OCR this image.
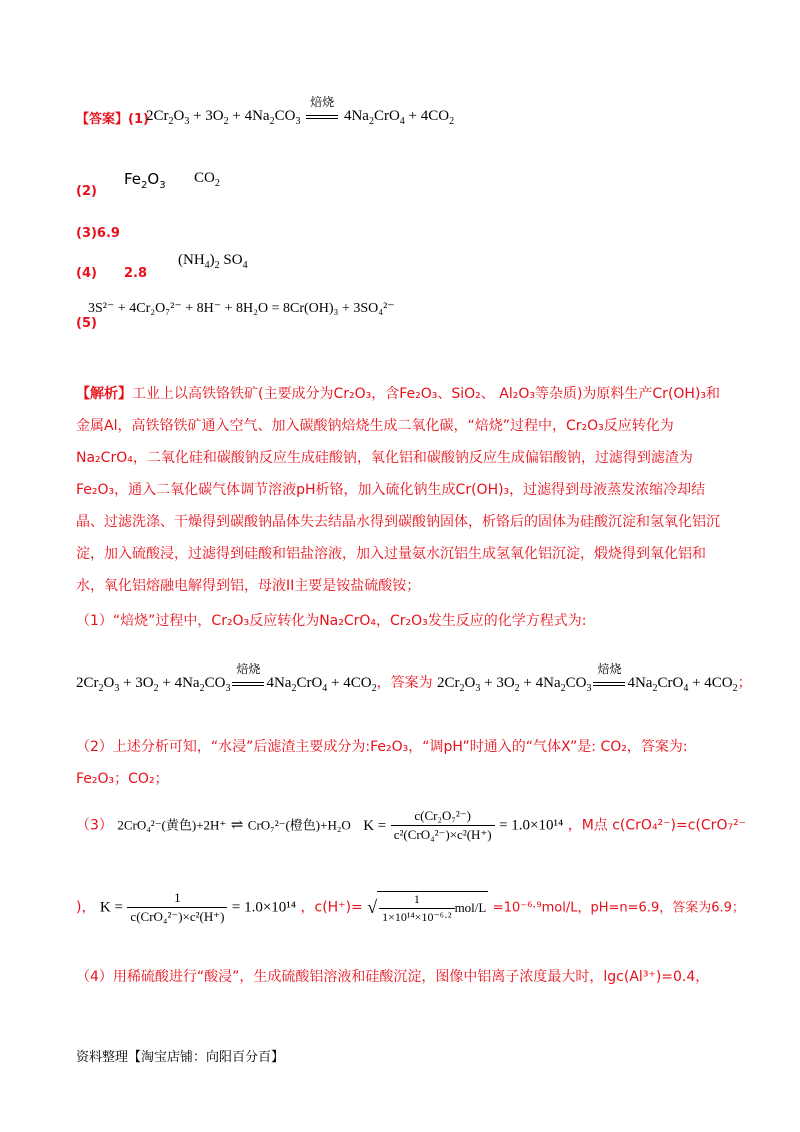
【答案】(1)
$2Cr_2O_3 + 3O_2 + 4Na_2CO_3$
焙烧
$4Na_2CrO_4 + 4CO_2$
(2)
$Fe_2O_3$ $CO_2$
(3)6.9
(4) 2.8
$(NH_4)_2$ $SO_4$
3S²⁻ + 4Cr₂O₇²⁻ + 8H⁻ + 8H₂O = 8Cr(OH)₃ + 3SO₄²⁻
(5)
【解析】工业上以高铁铬铁矿(主要成分为Cr₂O₃，含Fe₂O₃、SiO₂、 Al₂O₃等杂质)为原料生产Cr(OH)₃和金属Al，高铁铬铁矿通入空气、加入碳酸钠焙烧生成二氧化碳，“焙烧”过程中，Cr₂O₃反应转化为Na₂CrO₄，二氧化硅和碳酸钠反应生成硅酸钠，氧化铝和碳酸钠反应生成偏铝酸钠，过滤得到滤渣为Fe₂O₃，通入二氧化碳气体调节溶液pH析铬，加入硫化钠生成Cr(OH)₃，过滤得到母液蒸发浓缩冷却结晶、过滤洗涤、干燥得到碳酸钠晶体失去结晶水得到碳酸钠固体，析铬后的固体为硅酸沉淀和氢氧化铝沉淀，加入硫酸浸，过滤得到硅酸和铝盐溶液，加入过量氨水沉铝生成氢氧化铝沉淀，煅烧得到氧化铝和水，氧化铝熔融电解得到铝，母液II主要是铵盐硫酸铵；
（1）“焙烧”过程中，Cr₂O₃反应转化为Na₂CrO₄，Cr₂O₃发生反应的化学方程式为:
$2Cr_2O_3 + 3O_2 + 4Na_2CO_3$
焙烧
$4Na_2CrO_4 + 4CO_2$，答案为 $2Cr_2O_3 + 3O_2 + 4Na_2CO_3$
焙烧
$4Na_2CrO_4 + 4CO_2$；
（2）上述分析可知，“水浸”后滤渣主要成分为:Fe₂O₃，“调pH”时通入的“气体X”是: CO₂，答案为:
Fe₂O₃；CO₂；
（3） 2CrO₄²⁻(黄色)+2H⁺ ⇌ CrO₇²⁻(橙色)+H₂O $K = \frac{\text{c(Cr₂O₇²⁻)}}{\text{c²(CrO₄²⁻)×c²(H⁺)}} = 1.0\times 10^{14}$ ，M点 c(CrO₄²⁻)=c(CrO₇²⁻
)， $K = \frac{1}{\text{c(CrO₄²⁻)×c²(H⁺)}} = 1.0\times 10^{14}$ ，c(H⁺)= √ $\frac{1}{\text{1×10¹⁴×10⁻⁶·²}} mol/L =10^{-6}\cdot^9mol/L$，pH=n=6.9，答案为6.9；
（4）用稀硫酸进行“酸浸”，生成硫酸铝溶液和硅酸沉淀，图像中铝离子浓度最大时，lgc(Al³⁺)=0.4，
资料整理【淘宝店铺：向阳百分百】
